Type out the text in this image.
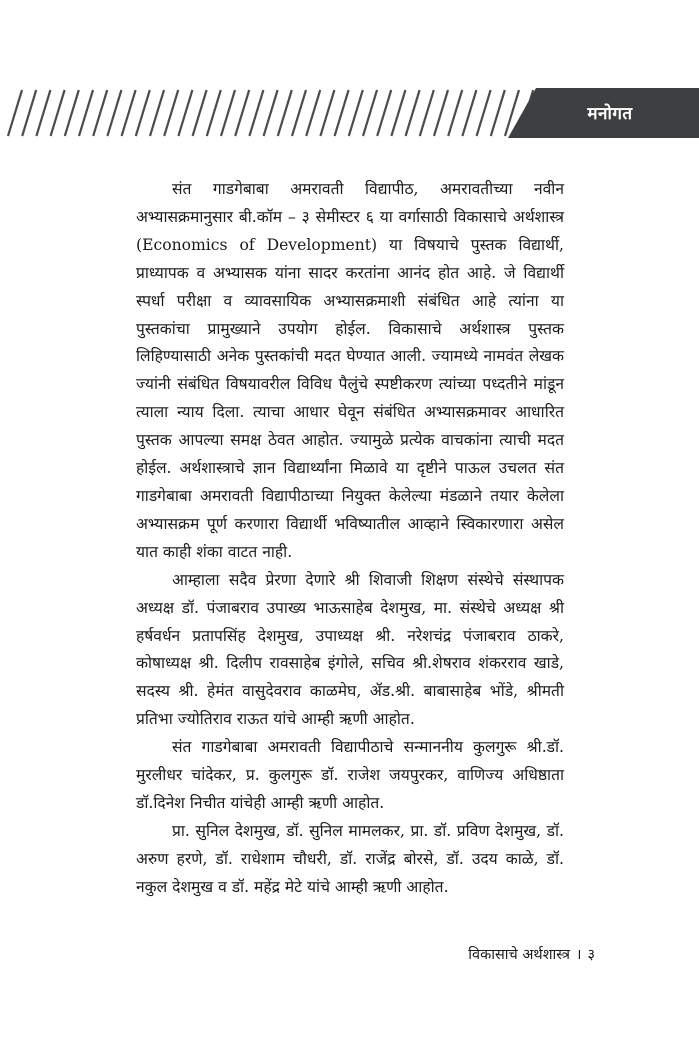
मनोगत

संत गाडगेबाबा अमरावती विद्यापीठ, अमरावतीच्या नवीन अभ्यासक्रमानुसार बी.कॉम – ३ सेमीस्टर ६ या वर्गासाठी विकासाचे अर्थशास्त्र (Economics of Development) या विषयाचे पुस्तक विद्यार्थी, प्राध्यापक व अभ्यासक यांना सादर करतांना आनंद होत आहे. जे विद्यार्थी स्पर्धा परीक्षा व व्यावसायिक अभ्यासक्रमाशी संबंधित आहे त्यांना या पुस्तकांचा प्रामुख्याने उपयोग होईल. विकासाचे अर्थशास्त्र पुस्तक लिहिण्यासाठी अनेक पुस्तकांची मदत घेण्यात आली. ज्यामध्ये नामवंत लेखक ज्यांनी संबंधित विषयावरील विविध पैलुंचे स्पष्टीकरण त्यांच्या पध्दतीने मांडून त्याला न्याय दिला. त्याचा आधार घेवून संबंधित अभ्यासक्रमावर आधारित पुस्तक आपल्या समक्ष ठेवत आहोत. ज्यामुळे प्रत्येक वाचकांना त्याची मदत होईल. अर्थशास्त्राचे ज्ञान विद्यार्थ्यांना मिळावे या दृष्टीने पाऊल उचलत संत गाडगेबाबा अमरावती विद्यापीठाच्या नियुक्त केलेल्या मंडळाने तयार केलेला अभ्यासक्रम पूर्ण करणारा विद्यार्थी भविष्यातील आव्हाने स्विकारणारा असेल यात काही शंका वाटत नाही.

आम्हाला सदैव प्रेरणा देणारे श्री शिवाजी शिक्षण संस्थेचे संस्थापक अध्यक्ष डॉ. पंजाबराव उपाख्य भाऊसाहेब देशमुख, मा. संस्थेचे अध्यक्ष श्री हर्षवर्धन प्रतापसिंह देशमुख, उपाध्यक्ष श्री. नरेशचंद्र पंजाबराव ठाकरे, कोषाध्यक्ष श्री. दिलीप रावसाहेब इंगोले, सचिव श्री.शेषराव शंकरराव खाडे, सदस्य श्री. हेमंत वासुदेवराव काळमेघ, ॲड.श्री. बाबासाहेब भोंडे, श्रीमती प्रतिभा ज्योतिराव राऊत यांचे आम्ही ऋणी आहोत.

संत गाडगेबाबा अमरावती विद्यापीठाचे सन्माननीय कुलगुरू श्री.डॉ. मुरलीधर चांदेकर, प्र. कुलगुरू डॉ. राजेश जयपुरकर, वाणिज्य अधिष्ठाता डॉ.दिनेश निचीत यांचेही आम्ही ऋणी आहोत.

प्रा. सुनिल देशमुख, डॉ. सुनिल मामलकर, प्रा. डॉ. प्रविण देशमुख, डॉ. अरुण हरणे, डॉ. राधेशाम चौधरी, डॉ. राजेंद्र बोरसे, डॉ. उदय काळे, डॉ. नकुल देशमुख व डॉ. महेंद्र मेटे यांचे आम्ही ऋणी आहोत.

विकासाचे अर्थशास्त्र । ३
